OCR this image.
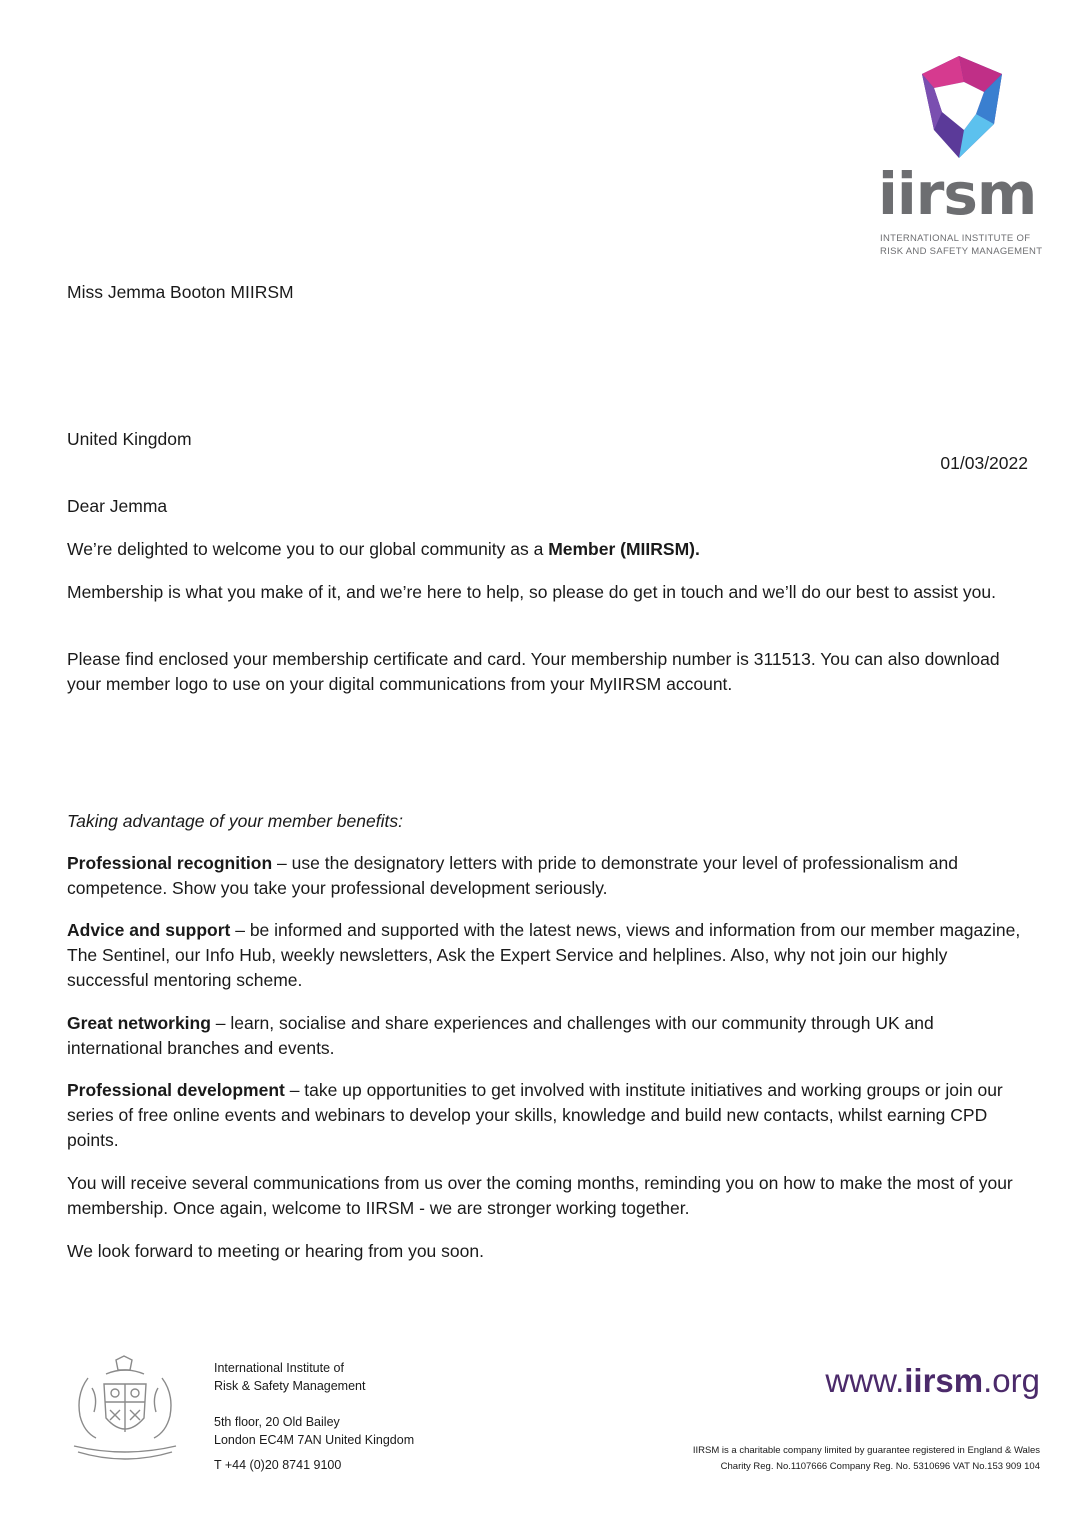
iirsm
INTERNATIONAL INSTITUTE OF
RISK AND SAFETY MANAGEMENT

Miss Jemma Booton MIIRSM

United Kingdom

01/03/2022

Dear Jemma

We’re delighted to welcome you to our global community as a Member (MIIRSM).

Membership is what you make of it, and we’re here to help, so please do get in touch and we’ll do our best to assist you.

Please find enclosed your membership certificate and card. Your membership number is 311513. You can also download your member logo to use on your digital communications from your MyIIRSM account.

Taking advantage of your member benefits:

Professional recognition – use the designatory letters with pride to demonstrate your level of professionalism and competence. Show you take your professional development seriously.

Advice and support – be informed and supported with the latest news, views and information from our member magazine, The Sentinel, our Info Hub, weekly newsletters, Ask the Expert Service and helplines. Also, why not join our highly successful mentoring scheme.

Great networking – learn, socialise and share experiences and challenges with our community through UK and international branches and events.

Professional development – take up opportunities to get involved with institute initiatives and working groups or join our series of free online events and webinars to develop your skills, knowledge and build new contacts, whilst earning CPD points.

You will receive several communications from us over the coming months, reminding you on how to make the most of your membership. Once again, welcome to IIRSM - we are stronger working together.

We look forward to meeting or hearing from you soon.

International Institute of
Risk & Safety Management
5th floor, 20 Old Bailey
London EC4M 7AN United Kingdom
T +44 (0)20 8741 9100
www.iirsm.org
IIRSM is a charitable company limited by guarantee registered in England & Wales
Charity Reg. No.1107666 Company Reg. No. 5310696 VAT No.153 909 104
